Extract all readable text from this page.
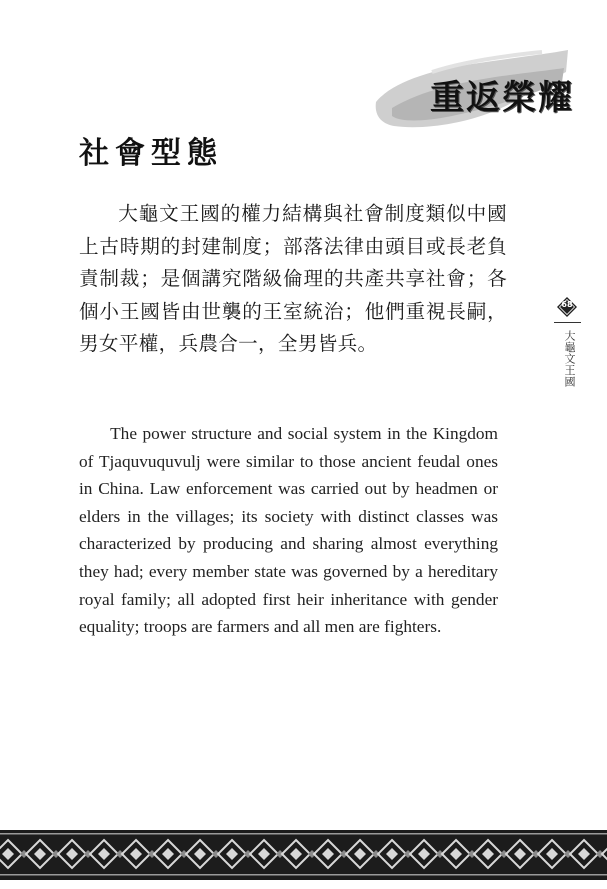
重返榮耀
社會型態

大龜文王國的權力結構與社會制度類似中國上古時期的封建制度；部落法律由頭目或長老負責制裁；是個講究階級倫理的共產共享社會；各個小王國皆由世襲的王室統治；他們重視長嗣，男女平權，兵農合一，全男皆兵。

The power structure and social system in the Kingdom of Tjaquvuquvulj were similar to those ancient feudal ones in China. Law enforcement was carried out by headmen or elders in the villages; its society with distinct classes was characterized by producing and sharing almost everything they had; every member state was governed by a hereditary royal family; all adopted first heir inheritance with gender equality; troops are farmers and all men are fighters.

68
大龜文王國
